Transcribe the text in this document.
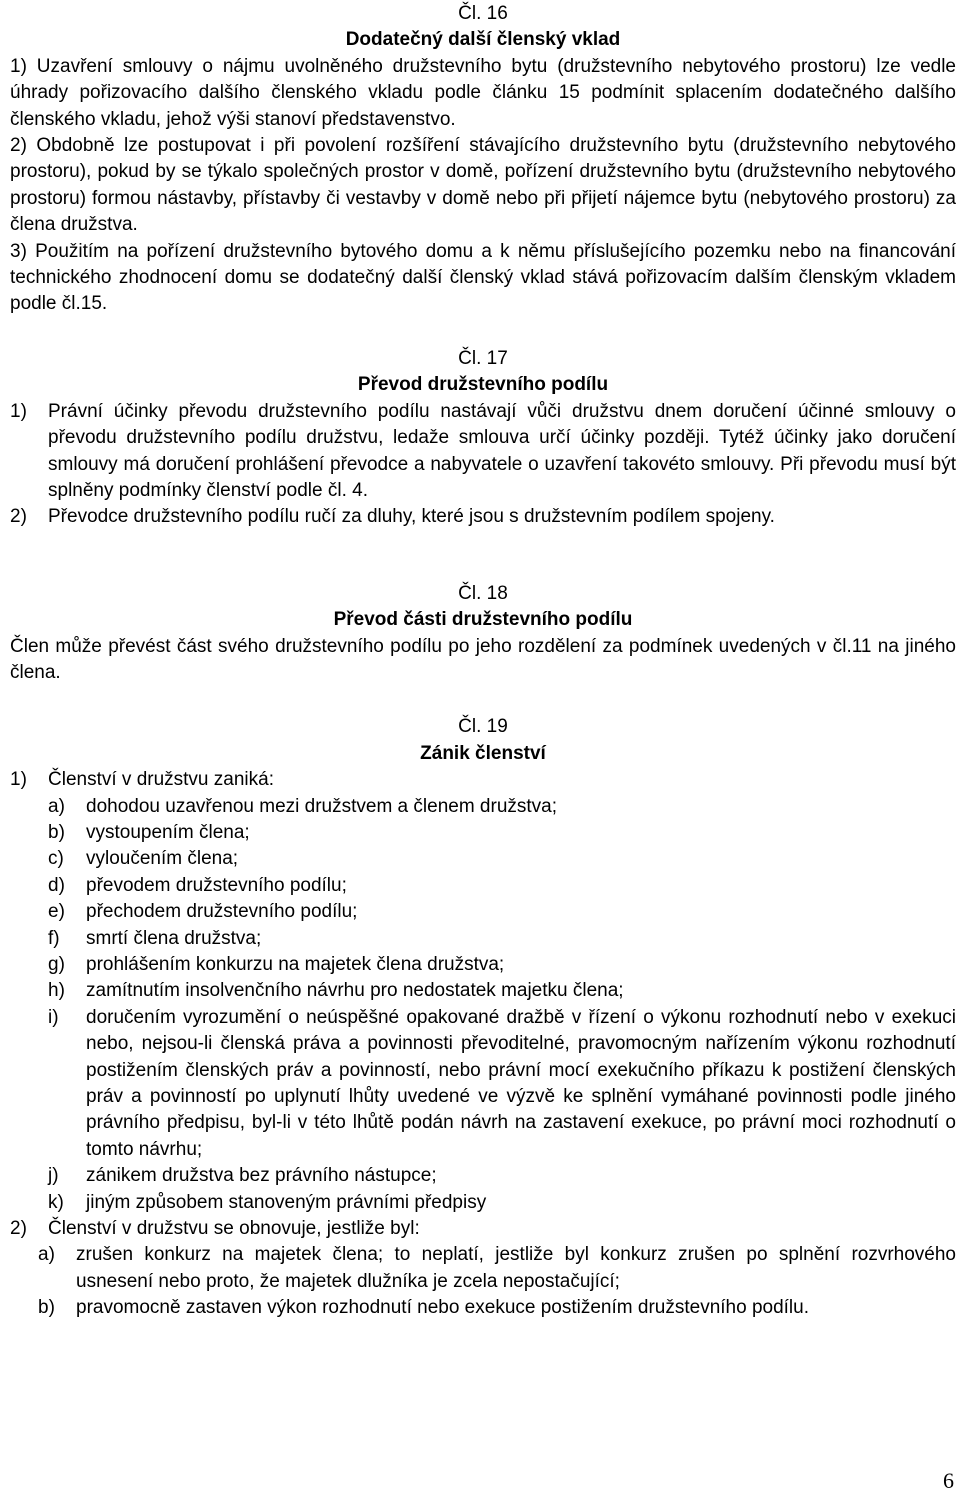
Čl. 16

Dodatečný další členský vklad

1) Uzavření smlouvy o nájmu uvolněného družstevního bytu (družstevního nebytového prostoru) lze vedle úhrady pořizovacího dalšího členského vkladu podle článku 15 podmínit splacením dodatečného dalšího členského vkladu, jehož výši stanoví představenstvo.

2) Obdobně lze postupovat i při povolení rozšíření stávajícího družstevního bytu (družstevního nebytového prostoru), pokud by se týkalo společných prostor v domě, pořízení družstevního bytu (družstevního nebytového prostoru) formou nástavby, přístavby či vestavby v domě nebo při přijetí nájemce bytu (nebytového prostoru) za člena družstva.

3) Použitím na pořízení družstevního bytového domu a k němu příslušejícího pozemku nebo na financování technického zhodnocení domu se dodatečný další členský vklad stává pořizovacím dalším členským vkladem podle čl.15.

Čl. 17

Převod družstevního podílu

1) Právní účinky převodu družstevního podílu nastávají vůči družstvu dnem doručení účinné smlouvy o převodu družstevního podílu družstvu, ledaže smlouva určí účinky později. Tytéž účinky jako doručení smlouvy má doručení prohlášení převodce a nabyvatele o uzavření takovéto smlouvy. Při převodu musí být splněny podmínky členství podle čl. 4.
2) Převodce družstevního podílu ručí za dluhy, které jsou s družstevním podílem spojeny.

Čl. 18

Převod části družstevního podílu

Člen může převést část svého družstevního podílu po jeho rozdělení za podmínek uvedených v čl.11 na jiného člena.

Čl. 19

Zánik členství

1) Členství v družstvu zaniká:
a) dohodou uzavřenou mezi družstvem a členem družstva;
b) vystoupením člena;
c) vyloučením člena;
d) převodem družstevního podílu;
e) přechodem družstevního podílu;
f) smrtí člena družstva;
g) prohlášením konkurzu na majetek člena družstva;
h) zamítnutím insolvenčního návrhu pro nedostatek majetku člena;
i) doručením vyrozumění o neúspěšné opakované dražbě v řízení o výkonu rozhodnutí nebo v exekuci nebo, nejsou-li členská práva a povinnosti převoditelné, pravomocným nařízením výkonu rozhodnutí postižením členských práv a povinností, nebo právní mocí exekučního příkazu k postižení členských práv a povinností po uplynutí lhůty uvedené ve výzvě ke splnění vymáhané povinnosti podle jiného právního předpisu, byl-li v této lhůtě podán návrh na zastavení exekuce, po právní moci rozhodnutí o tomto návrhu;
j) zánikem družstva bez právního nástupce;
k) jiným způsobem stanoveným právními předpisy
2) Členství v družstvu se obnovuje, jestliže byl:
a) zrušen konkurz na majetek člena; to neplatí, jestliže byl konkurz zrušen po splnění rozvrhového usnesení nebo proto, že majetek dlužníka je zcela nepostačující;
b) pravomocně zastaven výkon rozhodnutí nebo exekuce postižením družstevního podílu.
6
